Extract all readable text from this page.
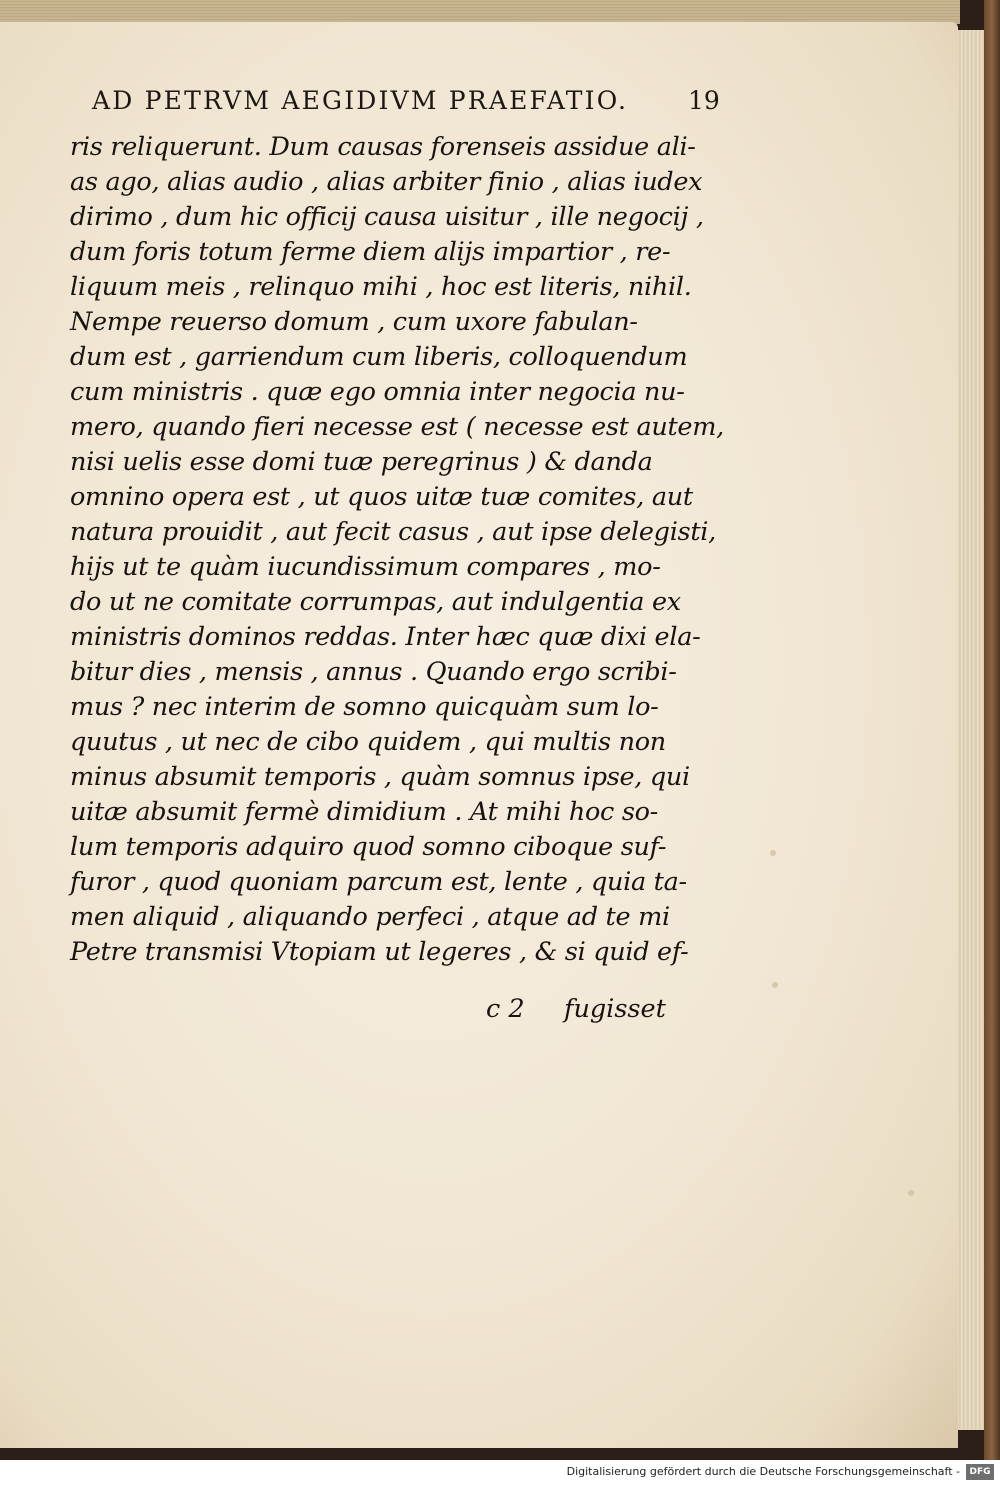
AD PETRVM AEGIDIVM PRAEFATIO.	19
ris reliquerunt. Dum causas forenseis assidue ali-
as ago, alias audio , alias arbiter finio , alias iudex
dirimo , dum hic officij causa uisitur , ille negocij ,
dum foris totum ferme diem alijs impartior , re-
liquum meis , relinquo mihi , hoc est literis, nihil.
Nempe reuerso domum , cum uxore fabulan-
dum est , garriendum cum liberis, colloquendum
cum ministris . quæ ego omnia inter negocia nu-
mero, quando fieri necesse est ( necesse est autem,
nisi uelis esse domi tuæ peregrinus ) & danda
omnino opera est , ut quos uitæ tuæ comites, aut
natura prouidit , aut fecit casus , aut ipse delegisti,
hijs ut te quàm iucundissimum compares , mo-
do ut ne comitate corrumpas, aut indulgentia ex
ministris dominos reddas. Inter hæc quæ dixi ela-
bitur dies , mensis , annus . Quando ergo scribi-
mus ? nec interim de somno quicquàm sum lo-
quutus , ut nec de cibo quidem , qui multis non
minus absumit temporis , quàm somnus ipse, qui
uitæ absumit fermè dimidium . At mihi hoc so-
lum temporis adquiro quod somno ciboque suf-
furor , quod quoniam parcum est, lente , quia ta-
men aliquid , aliquando perfeci , atque ad te mi
Petre transmisi Vtopiam ut legeres , & si quid ef-
c 2 fugisset
Digitalisierung gefördert durch die Deutsche Forschungsgemeinschaft -	DFG
